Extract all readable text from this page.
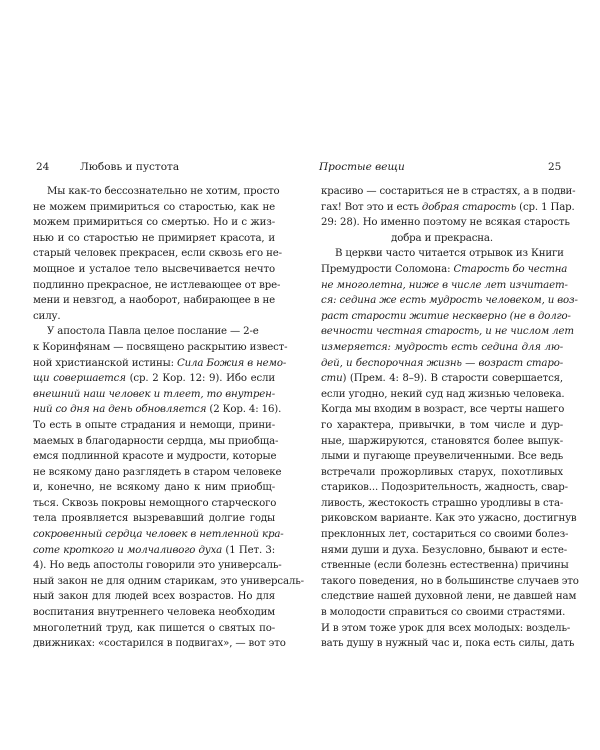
24	Любовь и пустота	Простые вещи	25
Мы как-то бессознательно не хотим, просто
не можем примириться со старостью, как не
можем примириться со смертью. Но и с жиз-
нью и со старостью не примиряет красота, и
старый человек прекрасен, если сквозь его не-
мощное и усталое тело высвечивается нечто
подлинно прекрасное, не истлевающее от вре-
мени и невзгод, а наоборот, набирающее в не
силу.
У апостола Павла целое послание — 2-е
к Коринфянам — посвящено раскрытию извест-
ной христианской истины: Сила Божия в немо-
щи совершается (ср. 2 Кор. 12: 9). Ибо если
внешний наш человек и тлеет, то внутрен-
ний со дня на день обновляется (2 Кор. 4: 16).
То есть в опыте страдания и немощи, прини-
маемых в благодарности сердца, мы приобща-
емся подлинной красоте и мудрости, которые
не всякому дано разглядеть в старом человеке
и, конечно, не всякому дано к ним приобщ-
ться. Сквозь покровы немощного старческого
тела проявляется вызревавший долгие годы
сокровенный сердца человек в нетленной кра-
соте кроткого и молчаливого духа (1 Пет. 3:
4). Но ведь апостолы говорили это универсаль-
ный закон не для одним старикам, это универсаль-
ный закон для людей всех возрастов. Но для
воспитания внутреннего человека необходим
многолетний труд, как пишется о святых по-
движниках: «состарился в подвигах», — вот это
красиво — состариться не в страстях, а в подви-
гах! Вот это и есть добрая старость (ср. 1 Пар.
29: 28). Но именно поэтому не всякая старость
добра и прекрасна.
В церкви часто читается отрывок из Книги
Премудрости Соломона: Старость бо честна
не многолетна, ниже в числе лет изчитает-
ся: седина же есть мудрость человеком, и воз-
раст старости житие нескверно (не в долго-
вечности честная старость, и не числом лет
измеряется: мудрость есть седина для лю-
дей, и беспорочная жизнь — возраст старо-
сти) (Прем. 4: 8–9). В старости совершается,
если угодно, некий суд над жизнью человека.
Когда мы входим в возраст, все черты нашего
го характера, привычки, в том числе и дур-
ные, шаржируются, становятся более выпук-
лыми и пугающе преувеличенными. Все ведь
встречали прожорливых старух, похотливых
стариков... Подозрительность, жадность, свар-
ливость, жестокость страшно уродливы в ста-
риковском варианте. Как это ужасно, достигнув
преклонных лет, состариться со своими болез-
нями души и духа. Безусловно, бывают и есте-
ственные (если болезнь естественна) причины
такого поведения, но в большинстве случаев это
следствие нашей духовной лени, не давшей нам
в молодости справиться со своими страстями.
И в этом тоже урок для всех молодых: воздель-
вать душу в нужный час и, пока есть силы, дать
